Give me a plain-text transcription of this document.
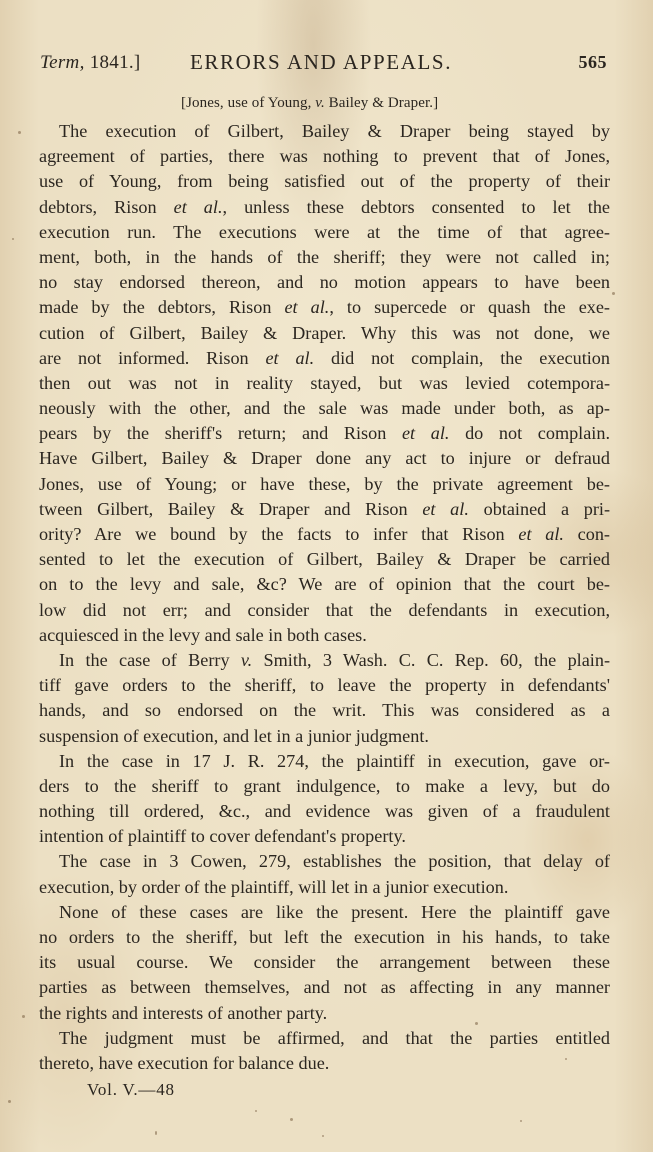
Term, 1841.] ERRORS AND APPEALS.	565
[Jones, use of Young, v. Bailey & Draper.]
The execution of Gilbert, Bailey & Draper being stayed by
agreement of parties, there was nothing to prevent that of Jones,
use of Young, from being satisfied out of the property of their
debtors, Rison et al., unless these debtors consented to let the
execution run. The executions were at the time of that agree-
ment, both, in the hands of the sheriff; they were not called in;
no stay endorsed thereon, and no motion appears to have been
made by the debtors, Rison et al., to supercede or quash the exe-
cution of Gilbert, Bailey & Draper. Why this was not done, we
are not informed. Rison et al. did not complain, the execution
then out was not in reality stayed, but was levied cotempora-
neously with the other, and the sale was made under both, as ap-
pears by the sheriff's return; and Rison et al. do not complain.
Have Gilbert, Bailey & Draper done any act to injure or defraud
Jones, use of Young; or have these, by the private agreement be-
tween Gilbert, Bailey & Draper and Rison et al. obtained a pri-
ority? Are we bound by the facts to infer that Rison et al. con-
sented to let the execution of Gilbert, Bailey & Draper be carried
on to the levy and sale, &c? We are of opinion that the court be-
low did not err; and consider that the defendants in execution,
acquiesced in the levy and sale in both cases.
In the case of Berry v. Smith, 3 Wash. C. C. Rep. 60, the plain-
tiff gave orders to the sheriff, to leave the property in defendants'
hands, and so endorsed on the writ. This was considered as a
suspension of execution, and let in a junior judgment.
In the case in 17 J. R. 274, the plaintiff in execution, gave or-
ders to the sheriff to grant indulgence, to make a levy, but do
nothing till ordered, &c., and evidence was given of a fraudulent
intention of plaintiff to cover defendant's property.
The case in 3 Cowen, 279, establishes the position, that delay of
execution, by order of the plaintiff, will let in a junior execution.
None of these cases are like the present. Here the plaintiff gave
no orders to the sheriff, but left the execution in his hands, to take
its usual course. We consider the arrangement between these
parties as between themselves, and not as affecting in any manner
the rights and interests of another party.
The judgment must be affirmed, and that the parties entitled
thereto, have execution for balance due.
Vol. V.—48
